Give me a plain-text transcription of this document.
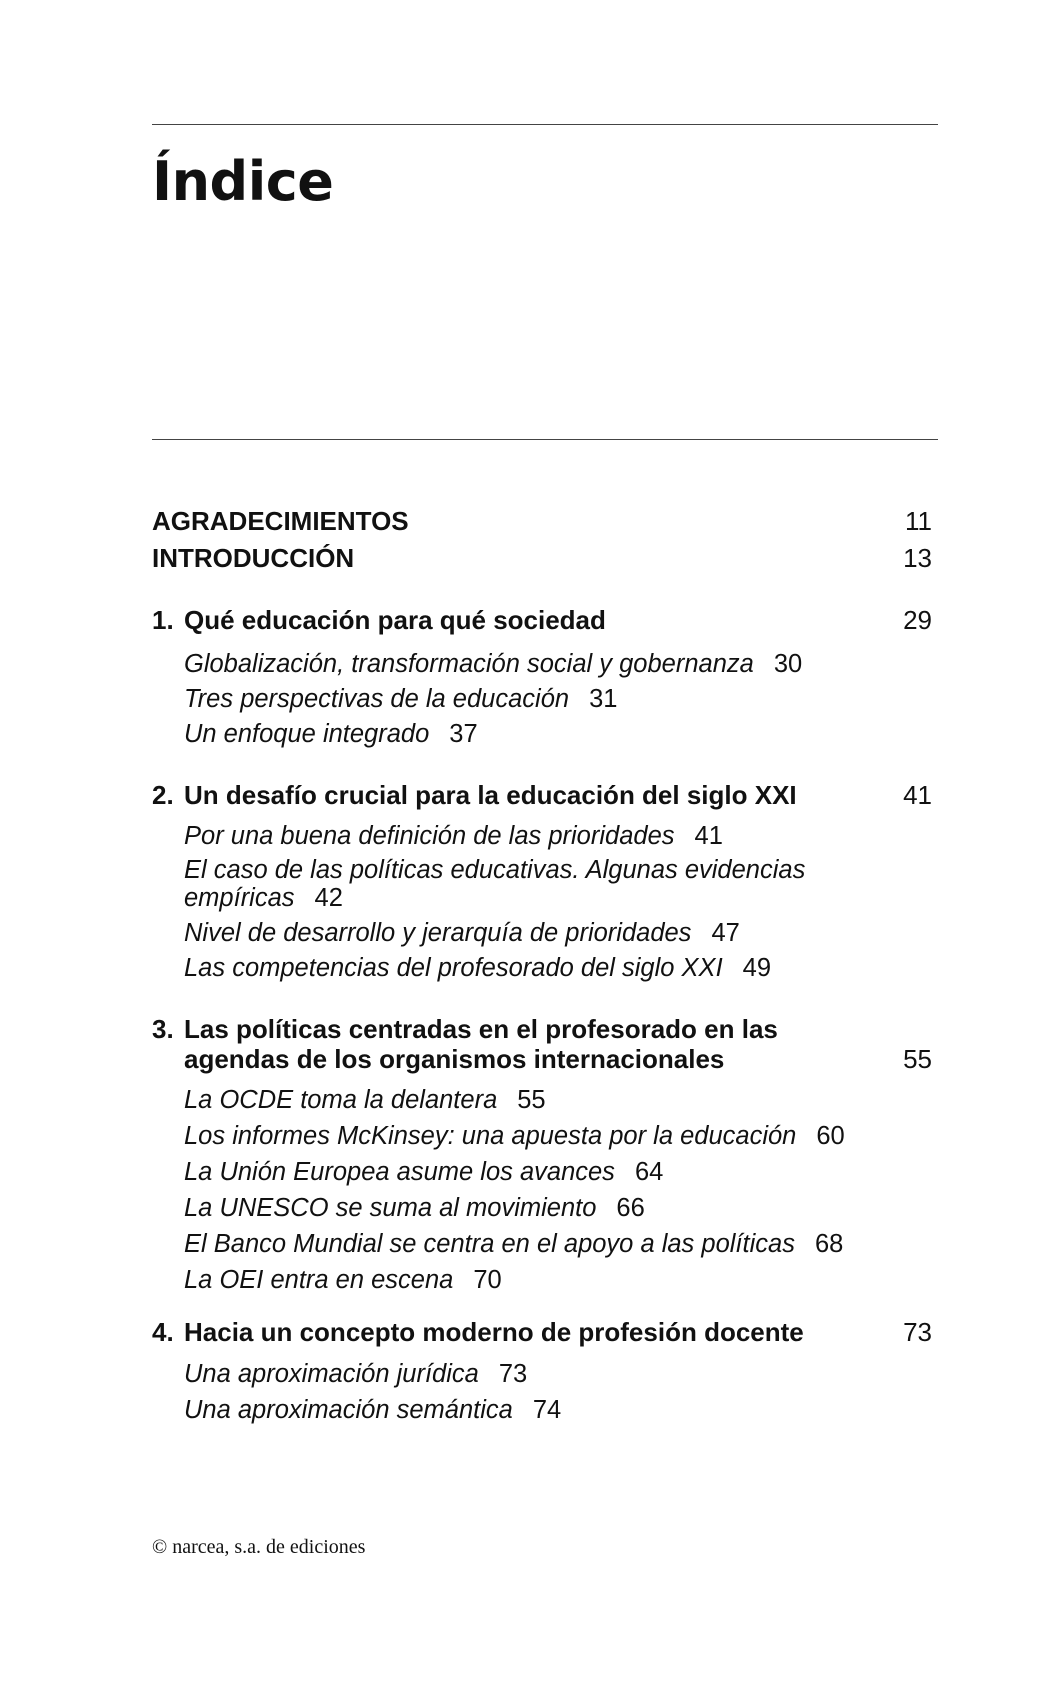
Índice
AGRADECIMIENTOS	11
INTRODUCCIÓN	13
1. Qué educación para qué sociedad	29

Globalización, transformación social y gobernanza 30

Tres perspectivas de la educación 31

Un enfoque integrado 37

2. Un desafío crucial para la educación del siglo XXI	41

Por una buena definición de las prioridades 41

El caso de las políticas educativas. Algunas evidencias empíricas 42

Nivel de desarrollo y jerarquía de prioridades 47

Las competencias del profesorado del siglo XXI 49

3. Las políticas centradas en el profesorado en las
agendas de los organismos internacionales	55

La OCDE toma la delantera 55

Los informes McKinsey: una apuesta por la educación 60

La Unión Europea asume los avances 64

La UNESCO se suma al movimiento 66

El Banco Mundial se centra en el apoyo a las políticas 68

La OEI entra en escena 70

4. Hacia un concepto moderno de profesión docente	73

Una aproximación jurídica 73

Una aproximación semántica 74

© narcea, s.a. de ediciones
